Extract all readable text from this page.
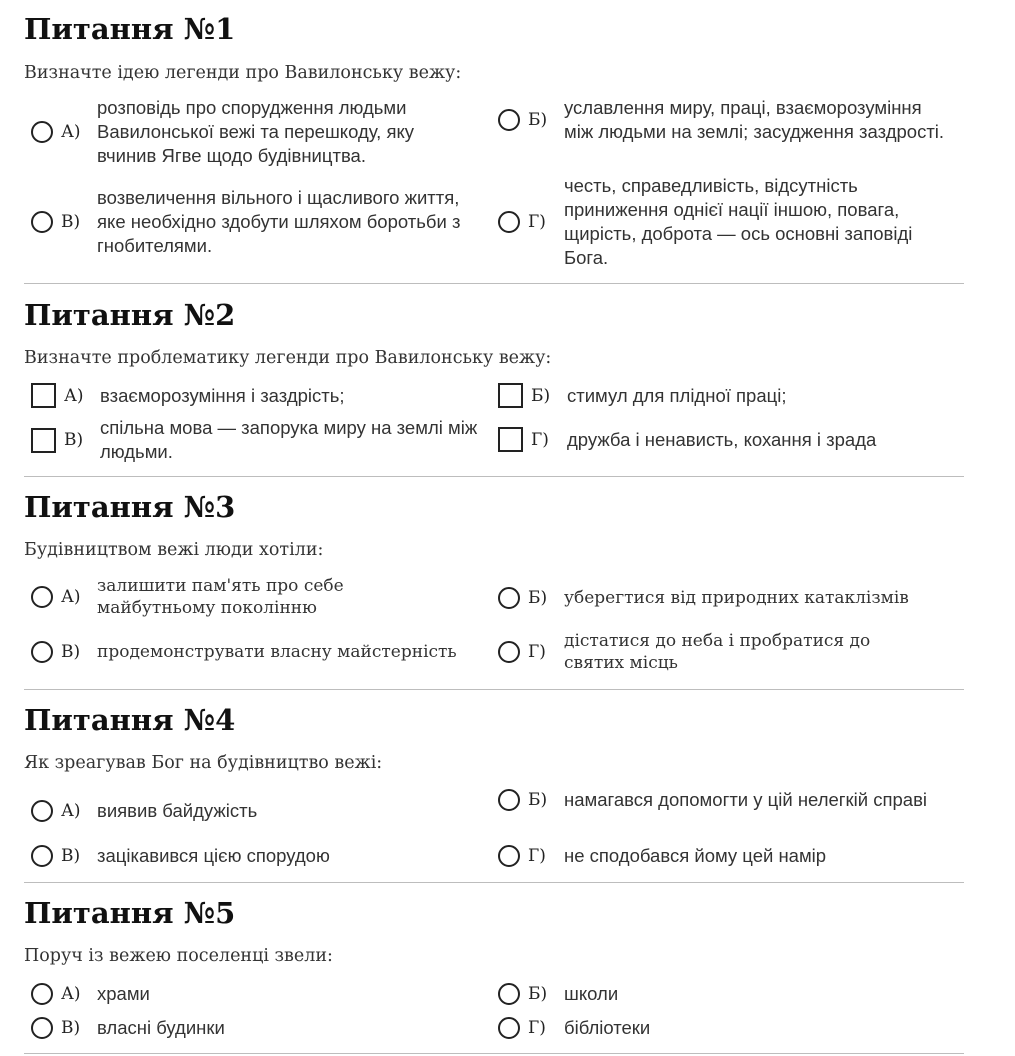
Питання №1
Визначте ідею легенди про Вавилонську вежу:
А)
розповідь про спорудження людьми Вавилонської вежі та перешкоду, яку вчинив Ягве щодо будівництва.
Б)
уславлення миру, праці, взаєморозуміння між людьми на землі; засудження заздрості.
В)
возвеличення вільного і щасливого життя, яке необхідно здобути шляхом боротьби з гнобителями.
Г)
честь, справедливість, відсутність приниження однієї нації іншою, повага, щирість, доброта — ось основні заповіді Бога.
Питання №2
Визначте проблематику легенди про Вавилонську вежу:
А) взаєморозуміння і заздрість;	Б) стимул для плідної праці;
В)
спільна мова — запорука миру на землі між людьми.
Г) дружба і ненависть, кохання і зрада
Питання №3
Будівництвом вежі люди хотіли:
А)
залишити пам'ять про себе майбутньому поколінню	Б) уберегтися від природних катаклізмів
В) продемонструвати власну майстерність	Г)
дістатися до неба і пробратися до святих місць
Питання №4
Як зреагував Бог на будівництво вежі:
А) виявив байдужість	Б) намагався допомогти у цій нелегкій справі
В) зацікавився цією спорудою	Г) не сподобався йому цей намір
Питання №5
Поруч із вежею поселенці звели:
А) храми	Б) школи
В) власні будинки	Г) бібліотеки
